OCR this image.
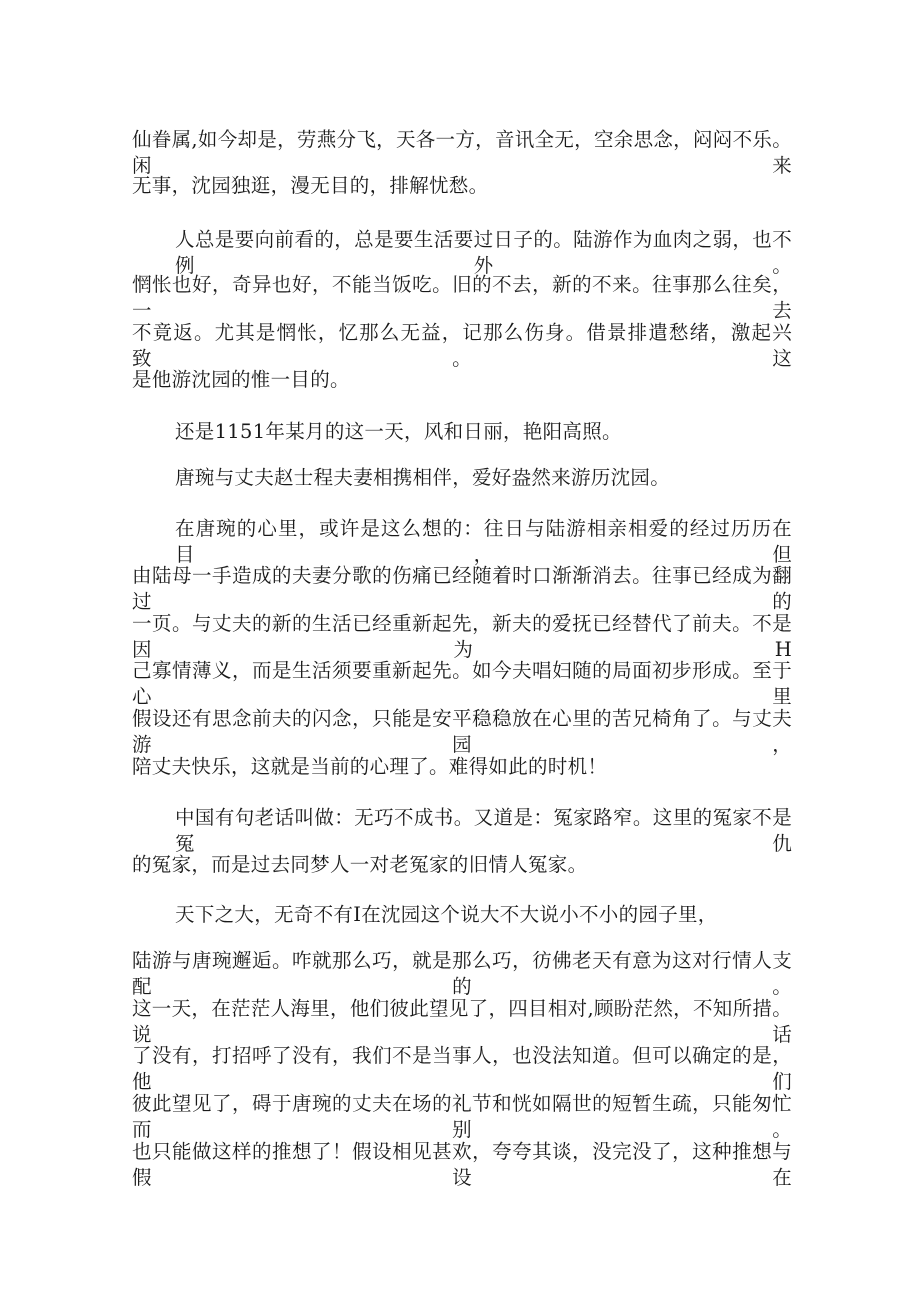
仙眷属,如今却是，劳燕分飞，天各一方，音讯全无，空余思念，闷闷不乐。闲来
无事，沈园独逛，漫无目的，排解忧愁。
人总是要向前看的，总是要生活要过日子的。陆游作为血肉之弱，也不例外。
惘怅也好，奇异也好，不能当饭吃。旧的不去，新的不来。往事那么往矣，一去
不竟返。尤其是惘怅，忆那么无益，记那么伤身。借景排遣愁绪，激起兴致。这
是他游沈园的惟一目的。
还是1151年某月的这一天，风和日丽，艳阳高照。
唐琬与丈夫赵士程夫妻相携相伴，爱好盎然来游历沈园。
在唐琬的心里，或许是这么想的：往日与陆游相亲相爱的经过历历在目，但
由陆母一手造成的夫妻分歌的伤痛已经随着时口渐渐消去。往事已经成为翻过的
一页。与丈夫的新的生活已经重新起先，新夫的爱抚已经替代了前夫。不是因为H
己寡情薄义，而是生活须要重新起先。如今夫唱妇随的局面初步形成。至于心里
假设还有思念前夫的闪念，只能是安平稳稳放在心里的苦兄椅角了。与丈夫游园，
陪丈夫快乐，这就是当前的心理了。难得如此的时机！
中国有句老话叫做：无巧不成书。又道是：冤家路窄。这里的冤家不是冤仇
的冤家，而是过去同梦人一对老冤家的旧情人冤家。
天下之大，无奇不有I在沈园这个说大不大说小不小的园子里，
陆游与唐琬邂逅。咋就那么巧，就是那么巧，彷佛老天有意为这对行情人支配的。
这一天，在茫茫人海里，他们彼此望见了，四目相对,顾盼茫然，不知所措。说话
了没有，打招呼了没有，我们不是当事人，也没法知道。但可以确定的是，他们
彼此望见了，碍于唐琬的丈夫在场的礼节和恍如隔世的短暂生疏，只能匆忙而别。
也只能做这样的推想了！假设相见甚欢，夸夸其谈，没完没了，这种推想与假设在
